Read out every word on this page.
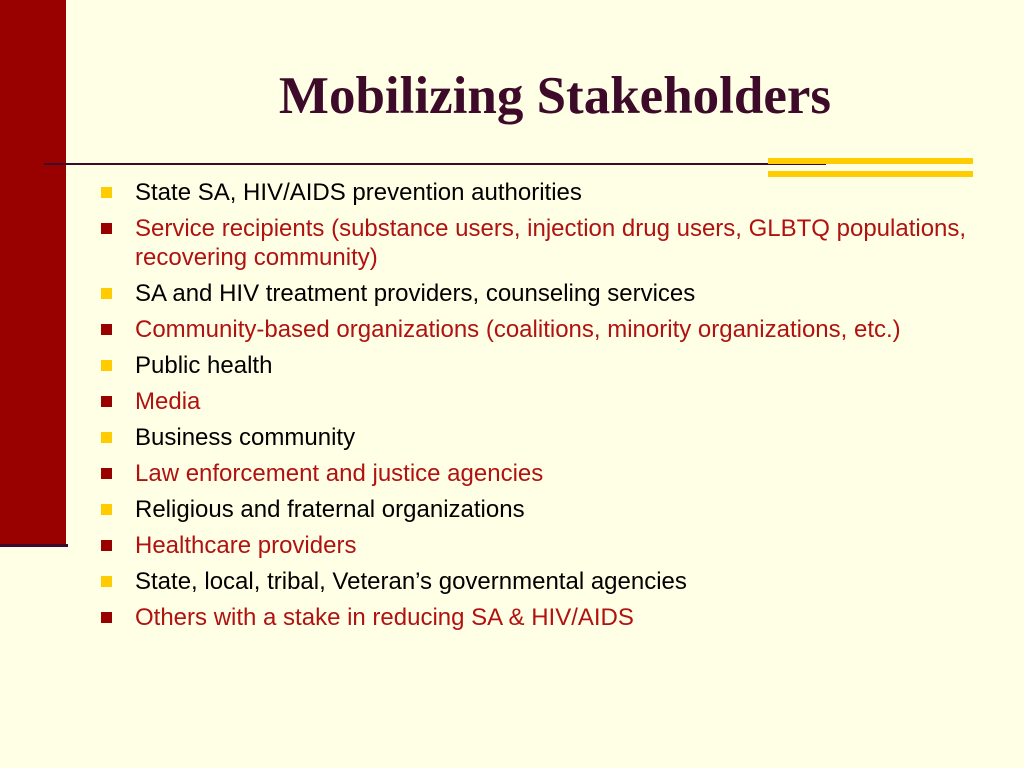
Mobilizing Stakeholders
State SA, HIV/AIDS prevention authorities
Service recipients (substance users, injection drug users, GLBTQ populations, recovering community)
SA and HIV treatment providers, counseling services
Community-based organizations (coalitions, minority organizations, etc.)
Public health
Media
Business community
Law enforcement and justice agencies
Religious and fraternal organizations
Healthcare providers
State, local, tribal, Veteran’s governmental agencies
Others with a stake in reducing SA & HIV/AIDS
